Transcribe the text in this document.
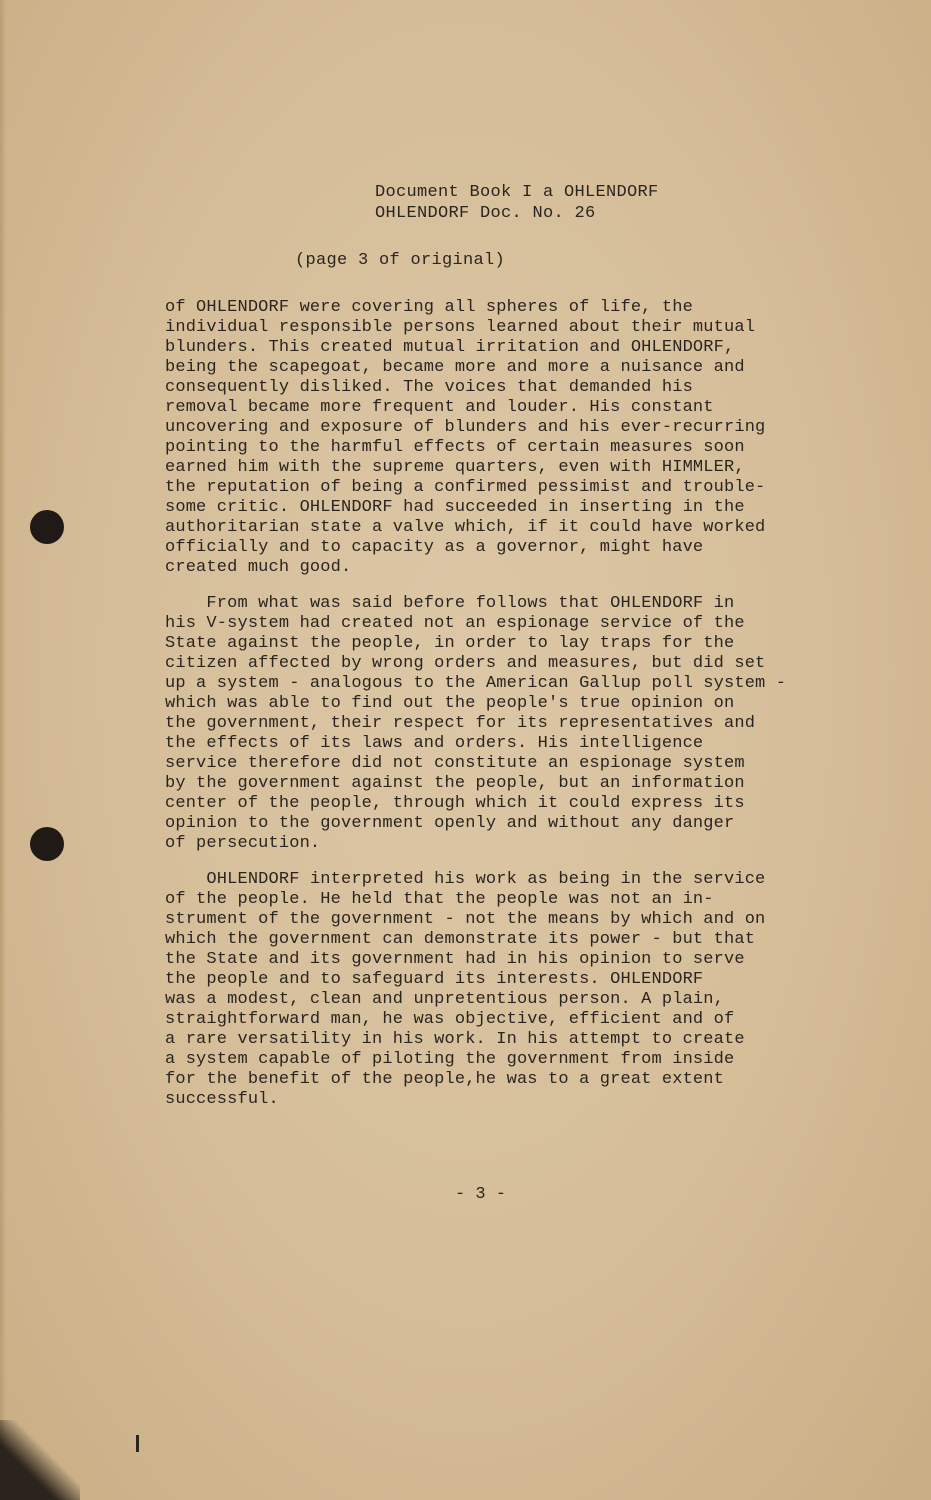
Document Book I a OHLENDORF
OHLENDORF Doc. No. 26
(page 3 of original)

of OHLENDORF were covering all spheres of life, the
individual responsible persons learned about their mutual
blunders. This created mutual irritation and OHLENDORF,
being the scapegoat, became more and more a nuisance and
consequently disliked. The voices that demanded his
removal became more frequent and louder. His constant
uncovering and exposure of blunders and his ever-recurring
pointing to the harmful effects of certain measures soon
earned him with the supreme quarters, even with HIMMLER,
the reputation of being a confirmed pessimist and trouble-
some critic. OHLENDORF had succeeded in inserting in the
authoritarian state a valve which, if it could have worked
officially and to capacity as a governor, might have
created much good.

From what was said before follows that OHLENDORF in
his V-system had created not an espionage service of the
State against the people, in order to lay traps for the
citizen affected by wrong orders and measures, but did set
up a system - analogous to the American Gallup poll system -
which was able to find out the people's true opinion on
the government, their respect for its representatives and
the effects of its laws and orders. His intelligence
service therefore did not constitute an espionage system
by the government against the people, but an information
center of the people, through which it could express its
opinion to the government openly and without any danger
of persecution.

OHLENDORF interpreted his work as being in the service
of the people. He held that the people was not an in-
strument of the government - not the means by which and on
which the government can demonstrate its power - but that
the State and its government had in his opinion to serve
the people and to safeguard its interests. OHLENDORF
was a modest, clean and unpretentious person. A plain,
straightforward man, he was objective, efficient and of
a rare versatility in his work. In his attempt to create
a system capable of piloting the government from inside
for the benefit of the people,he was to a great extent
successful.

- 3 -
